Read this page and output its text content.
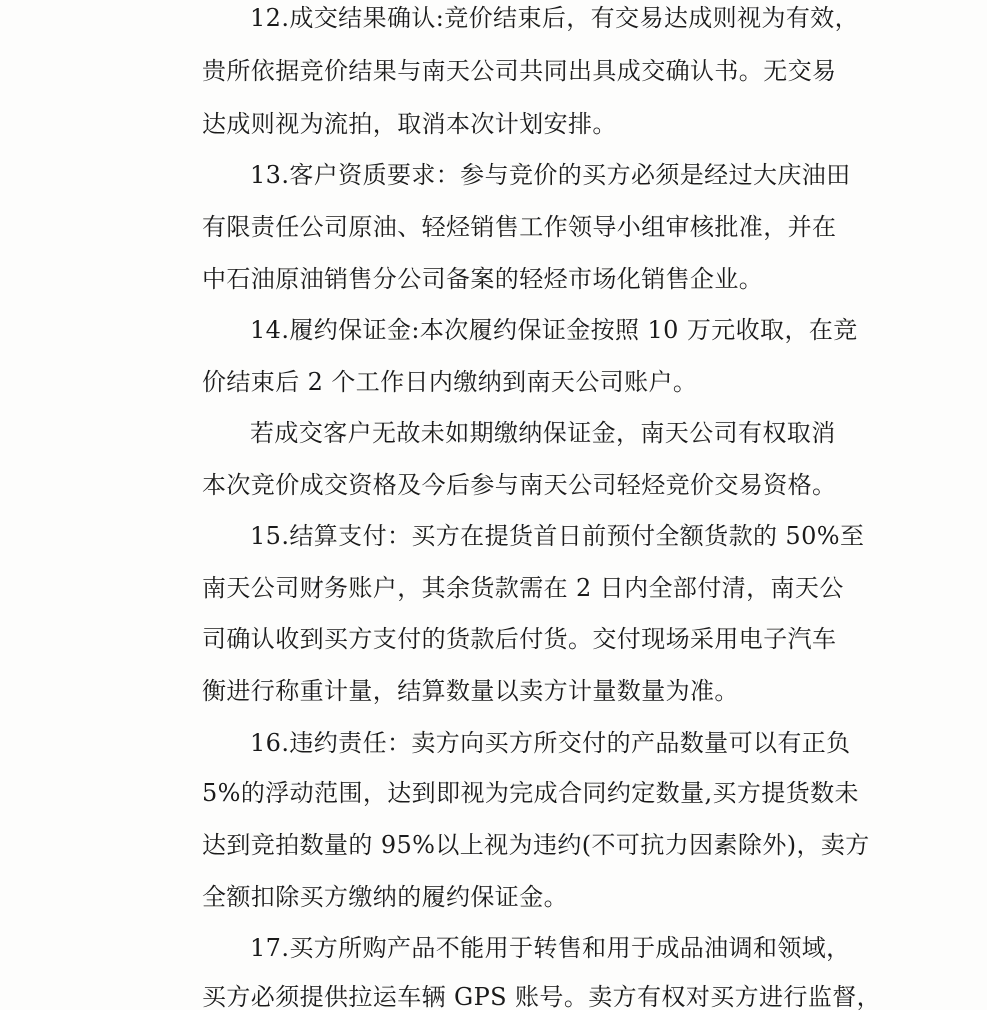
12.成交结果确认:竞价结束后，有交易达成则视为有效，
贵所依据竞价结果与南天公司共同出具成交确认书。无交易
达成则视为流拍，取消本次计划安排。
13.客户资质要求：参与竞价的买方必须是经过大庆油田
有限责任公司原油、轻烃销售工作领导小组审核批准，并在
中石油原油销售分公司备案的轻烃市场化销售企业。
14.履约保证金:本次履约保证金按照 10 万元收取，在竞
价结束后 2 个工作日内缴纳到南天公司账户。
若成交客户无故未如期缴纳保证金，南天公司有权取消
本次竞价成交资格及今后参与南天公司轻烃竞价交易资格。
15.结算支付：买方在提货首日前预付全额货款的 50%至
南天公司财务账户，其余货款需在 2 日内全部付清，南天公
司确认收到买方支付的货款后付货。交付现场采用电子汽车
衡进行称重计量，结算数量以卖方计量数量为准。
16.违约责任：卖方向买方所交付的产品数量可以有正负
5%的浮动范围，达到即视为完成合同约定数量,买方提货数未
达到竞拍数量的 95%以上视为违约(不可抗力因素除外)，卖方
全额扣除买方缴纳的履约保证金。
17.买方所购产品不能用于转售和用于成品油调和领域，
买方必须提供拉运车辆 GPS 账号。卖方有权对买方进行监督，
